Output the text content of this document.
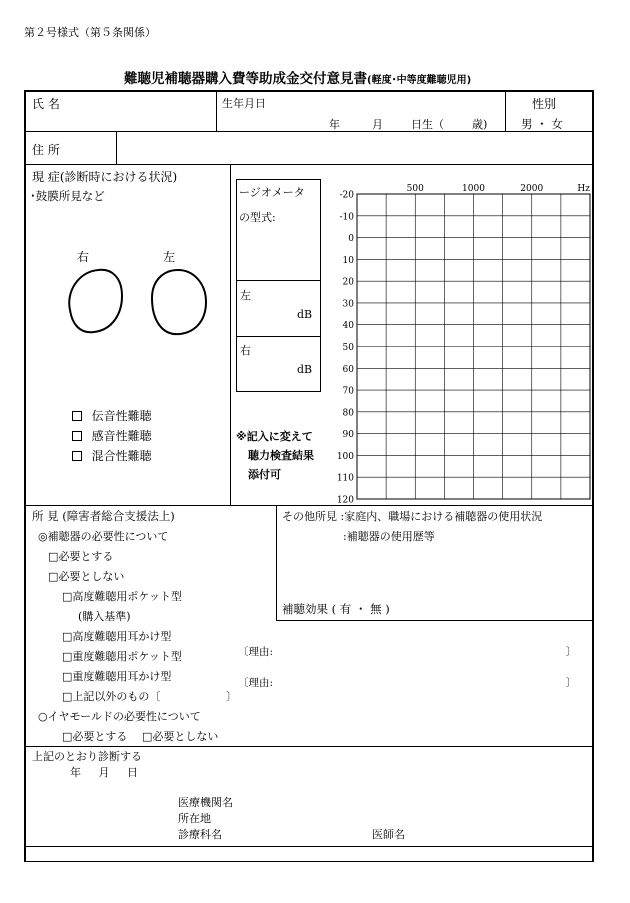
第２号様式（第５条関係）
難聴児補聴器購入費等助成金交付意見書(軽度･中等度難聴児用)
氏 名	生年月日
年	月	日生（	歳)
性別
男 ・ 女
住 所
現 症(診断時における状況)
･鼓膜所見など
右	左
伝音性難聴
感音性難聴
混合性難聴
ージオメータ
の型式:
左
dB
右
dB
※記入に変えて
聴力検査結果
添付可
-20
-10
0
10
20
30
40
50
60
70
80
90
100
110
120
500	1000	2000	Hz
所 見 (障害者総合支援法上)
◎補聴器の必要性について
□必要とする
□必要としない
□高度難聴用ポケット型
(購入基準)
□高度難聴用耳かけ型
□重度難聴用ポケット型
□重度難聴用耳かけ型
□上記以外のもの〔	〕
○イヤモールドの必要性について
□必要とする □必要としない
その他所見 :家庭内、職場における補聴器の使用状況
:補聴器の使用歴等
補聴効果 ( 有 ・ 無 )
〔理由:	〕
〔理由:	〕
上記のとおり診断する
年 月 日
医療機関名
所在地
診療科名	医師名
